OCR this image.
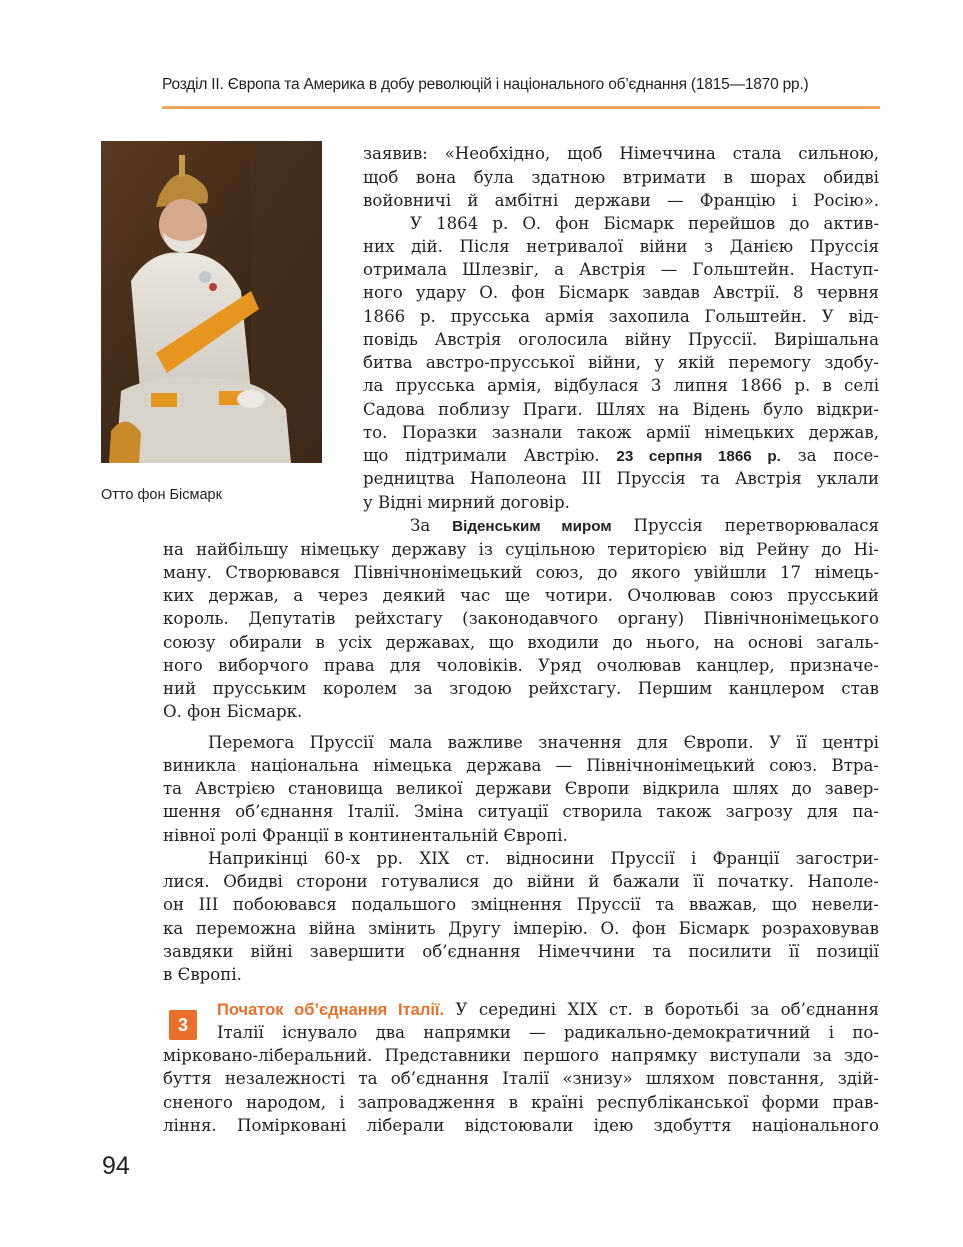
Розділ ІІ. Європа та Америка в добу революцій і національного об’єднання (1815—1870 рр.)
Отто фон Бісмарк
заявив: «Необхідно, щоб Німеччина стала сильною,
щоб вона була здатною втримати в шорах обидві
войовничі й амбітні держави — Францію і Росію».
У 1864 р. О. фон Бісмарк перейшов до актив-
них дій. Після нетривалої війни з Данією Пруссія
отримала Шлезвіг, а Австрія — Гольштейн. Наступ-
ного удару О. фон Бісмарк завдав Австрії. 8 червня
1866 р. прусська армія захопила Гольштейн. У від-
повідь Австрія оголосила війну Пруссії. Вирішальна
битва австро-прусської війни, у якій перемогу здобу-
ла прусська армія, відбулася 3 липня 1866 р. в селі
Садова поблизу Праги. Шлях на Відень було відкри-
то. Поразки зазнали також армії німецьких держав,
що підтримали Австрію. 23 серпня 1866 р. за посе-
редництва Наполеона III Пруссія та Австрія уклали
у Відні мирний договір.
За Віденським миром Пруссія перетворювалася
на найбільшу німецьку державу із суцільною територією від Рейну до Ні-
ману. Створювався Північнонімецький союз, до якого увійшли 17 німець-
ких держав, а через деякий час ще чотири. Очолював союз прусський
король. Депутатів рейхстагу (законодавчого органу) Північнонімецького
союзу обирали в усіх державах, що входили до нього, на основі загаль-
ного виборчого права для чоловіків. Уряд очолював канцлер, призначе-
ний прусським королем за згодою рейхстагу. Першим канцлером став
О. фон Бісмарк.
Перемога Пруссії мала важливе значення для Європи. У її центрі
виникла національна німецька держава — Північнонімецький союз. Втра-
та Австрією становища великої держави Європи відкрила шлях до завер-
шення об’єднання Італії. Зміна ситуації створила також загрозу для па-
нівної ролі Франції в континентальній Європі.
Наприкінці 60-х рр. XIX ст. відносини Пруссії і Франції загостри-
лися. Обидві сторони готувалися до війни й бажали її початку. Наполе-
он III побоювався подальшого зміцнення Пруссії та вважав, що невели-
ка переможна війна змінить Другу імперію. О. фон Бісмарк розраховував
завдяки війні завершити об’єднання Німеччини та посилити її позиції
в Європі.
3
Початок об’єднання Італії. У середині XIX ст. в боротьбі за об’єднання
Італії існувало два напрямки — радикально-демократичний і по-
мірковано-ліберальний. Представники першого напрямку виступали за здо-
буття незалежності та об’єднання Італії «знизу» шляхом повстання, здій-
сненого народом, і запровадження в країні республіканської форми прав-
ління. Помірковані ліберали відстоювали ідею здобуття національного
94
